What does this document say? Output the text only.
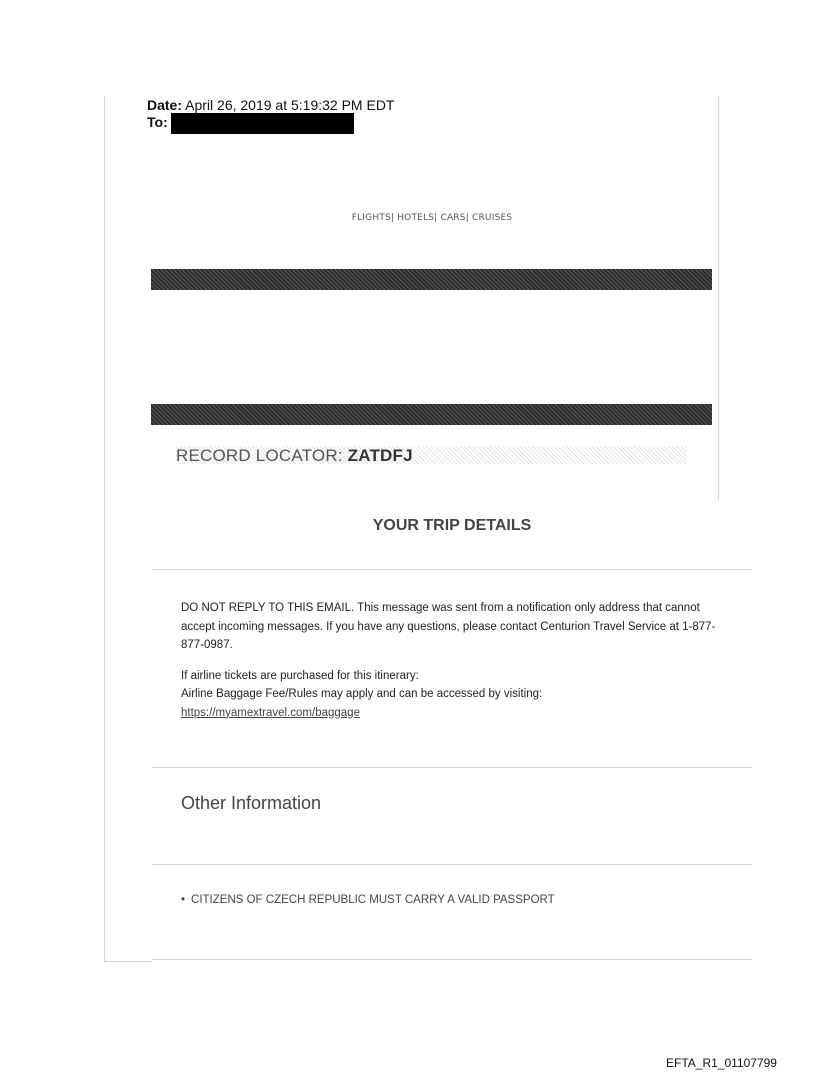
Date: April 26, 2019 at 5:19:32 PM EDT
To:
FLIGHTS| HOTELS| CARS| CRUISES
RECORD LOCATOR: ZATDFJ
YOUR TRIP DETAILS

DO NOT REPLY TO THIS EMAIL. This message was sent from a notification only address that cannot accept incoming messages. If you have any questions, please contact Centurion Travel Service at 1-877-877-0987.

If airline tickets are purchased for this itinerary:

Airline Baggage Fee/Rules may apply and can be accessed by visiting:

https://myamextravel.com/baggage

Other Information
• CITIZENS OF CZECH REPUBLIC MUST CARRY A VALID PASSPORT
EFTA_R1_01107799
